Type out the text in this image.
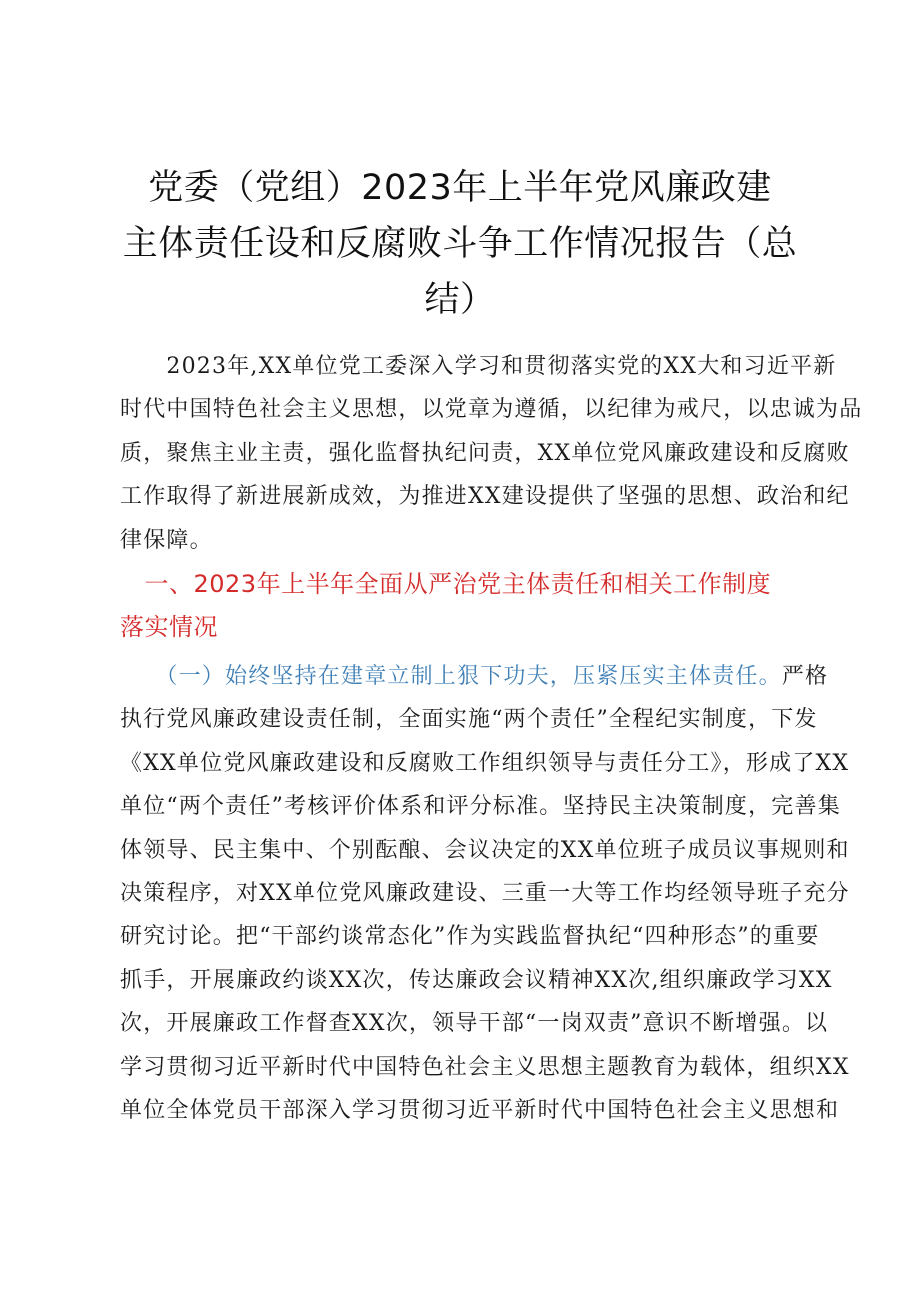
党委（党组）2023年上半年党风廉政建
主体责任设和反腐败斗争工作情况报告（总
结）
　　2023年,XX单位党工委深入学习和贯彻落实党的XX大和习近平新
时代中国特色社会主义思想，以党章为遵循，以纪律为戒尺，以忠诚为品
质，聚焦主业主责，强化监督执纪问责，XX单位党风廉政建设和反腐败
工作取得了新进展新成效，为推进XX建设提供了坚强的思想、政治和纪
律保障。
　一、2023年上半年全面从严治党主体责任和相关工作制度
落实情况
　　（一）始终坚持在建章立制上狠下功夫，压紧压实主体责任。严格
执行党风廉政建设责任制，全面实施“两个责任”全程纪实制度，下发
《XX单位党风廉政建设和反腐败工作组织领导与责任分工》，形成了XX
单位“两个责任”考核评价体系和评分标准。坚持民主决策制度，完善集
体领导、民主集中、个别酝酿、会议决定的XX单位班子成员议事规则和
决策程序，对XX单位党风廉政建设、三重一大等工作均经领导班子充分
研究讨论。把“干部约谈常态化”作为实践监督执纪“四种形态”的重要
抓手，开展廉政约谈XX次，传达廉政会议精神XX次,组织廉政学习XX
次，开展廉政工作督查XX次，领导干部“一岗双责”意识不断增强。以
学习贯彻习近平新时代中国特色社会主义思想主题教育为载体，组织XX
单位全体党员干部深入学习贯彻习近平新时代中国特色社会主义思想和
